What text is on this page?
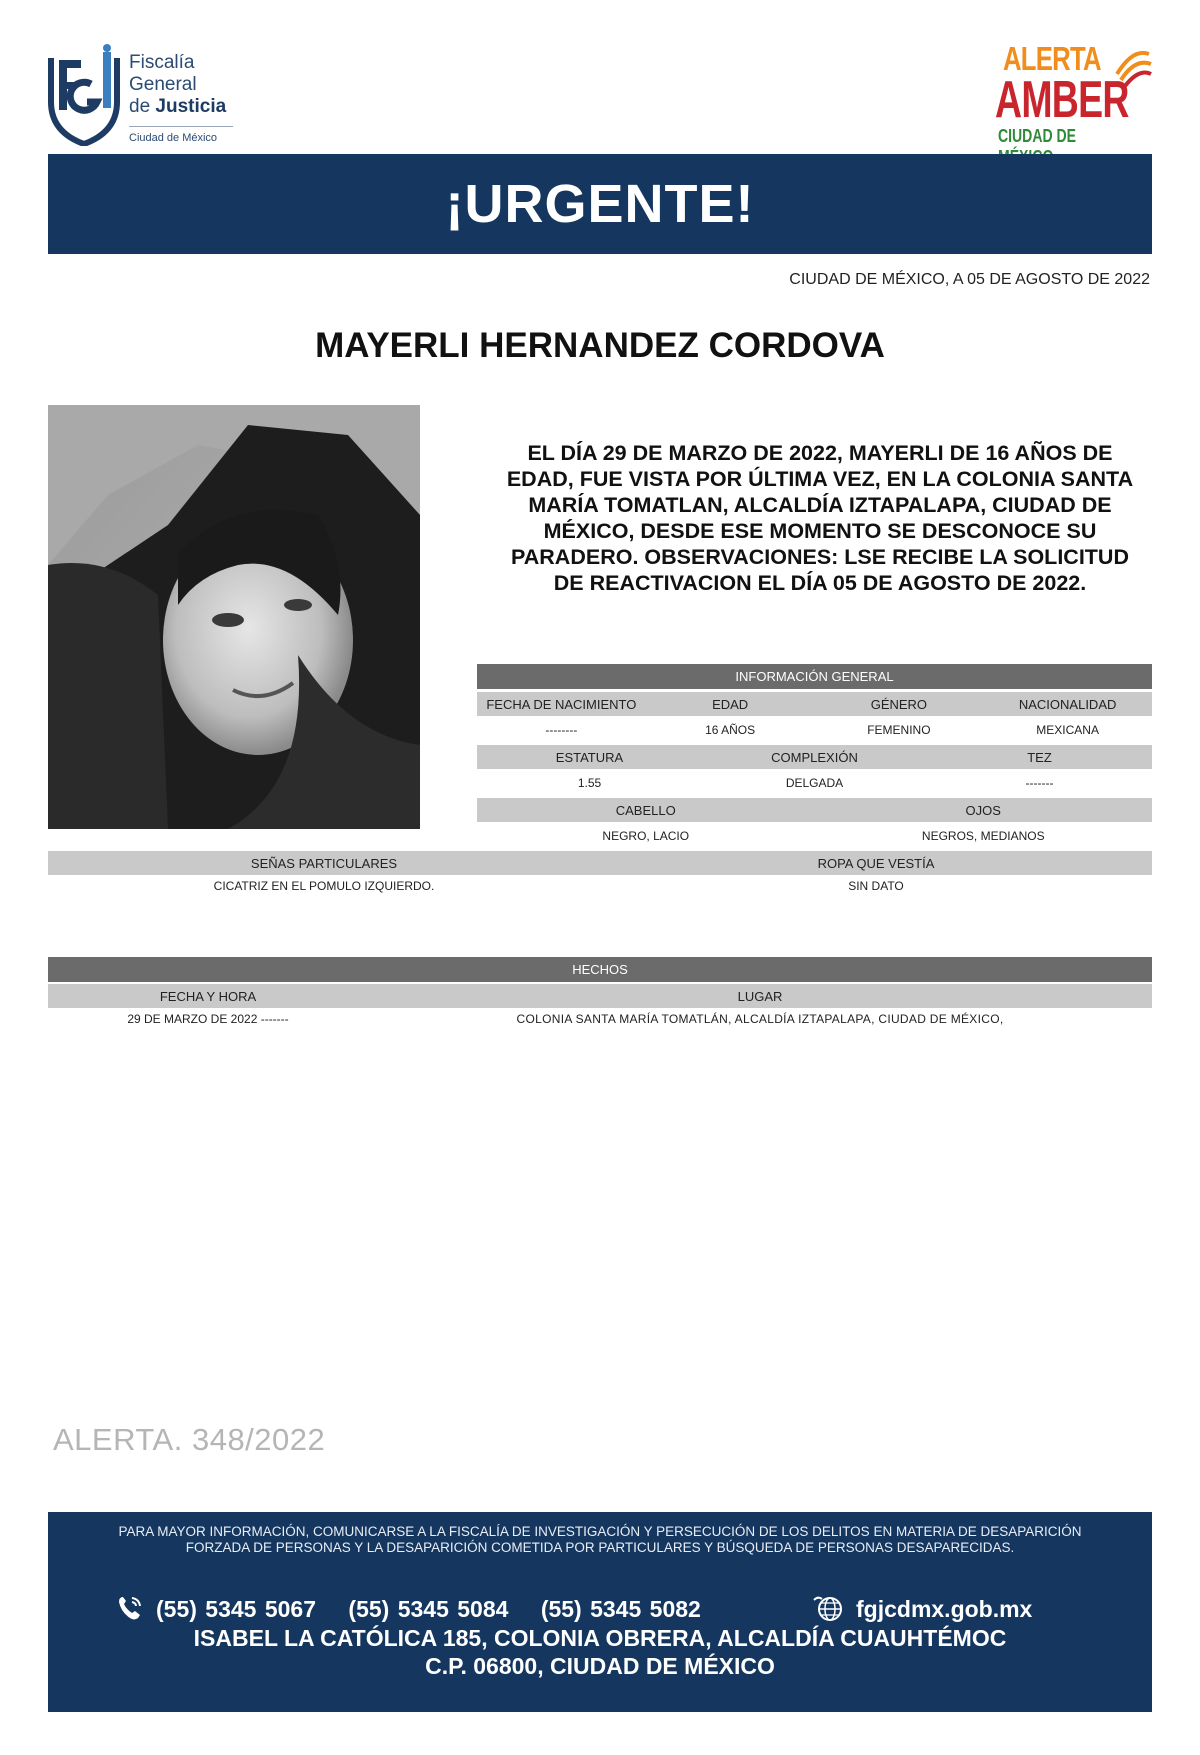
Fiscalía
General
de Justicia
Ciudad de México
ALERTA
AMBER
CIUDAD DE
¡URGENTE!
CIUDAD DE MÉXICO, A 05 DE AGOSTO DE 2022
MAYERLI HERNANDEZ CORDOVA
EL DÍA 29 DE MARZO DE 2022, MAYERLI DE 16 AÑOS DE EDAD, FUE VISTA POR ÚLTIMA VEZ, EN LA COLONIA SANTA MARÍA TOMATLAN, ALCALDÍA IZTAPALAPA, CIUDAD DE MÉXICO, DESDE ESE MOMENTO SE DESCONOCE SU PARADERO. OBSERVACIONES: LSE RECIBE LA SOLICITUD DE REACTIVACION EL DÍA 05 DE AGOSTO DE 2022.
INFORMACIÓN GENERAL
FECHA DE NACIMIENTO	EDAD	GÉNERO	NACIONALIDAD
--------	16 AÑOS	FEMENINO	MEXICANA
ESTATURA	COMPLEXIÓN	TEZ
1.55	DELGADA	-------
CABELLO	OJOS
NEGRO, LACIO	NEGROS, MEDIANOS
SEÑAS PARTICULARES	ROPA QUE VESTÍA
CICATRIZ EN EL POMULO IZQUIERDO.	SIN DATO
HECHOS
FECHA Y HORA	LUGAR
29 DE MARZO DE 2022 -------	COLONIA SANTA MARÍA TOMATLÁN, ALCALDÍA IZTAPALAPA, CIUDAD DE MÉXICO,
ALERTA. 348/2022
PARA MAYOR INFORMACIÓN, COMUNICARSE A LA FISCALÍA DE INVESTIGACIÓN Y PERSECUCIÓN DE LOS DELITOS EN MATERIA DE DESAPARICIÓN
FORZADA DE PERSONAS Y LA DESAPARICIÓN COMETIDA POR PARTICULARES Y BÚSQUEDA DE PERSONAS DESAPARECIDAS.
(55) 5345 5067 (55) 5345 5084 (55) 5345 5082	fgjcdmx.gob.mx
ISABEL LA CATÓLICA 185, COLONIA OBRERA, ALCALDÍA CUAUHTÉMOC
C.P. 06800, CIUDAD DE MÉXICO
